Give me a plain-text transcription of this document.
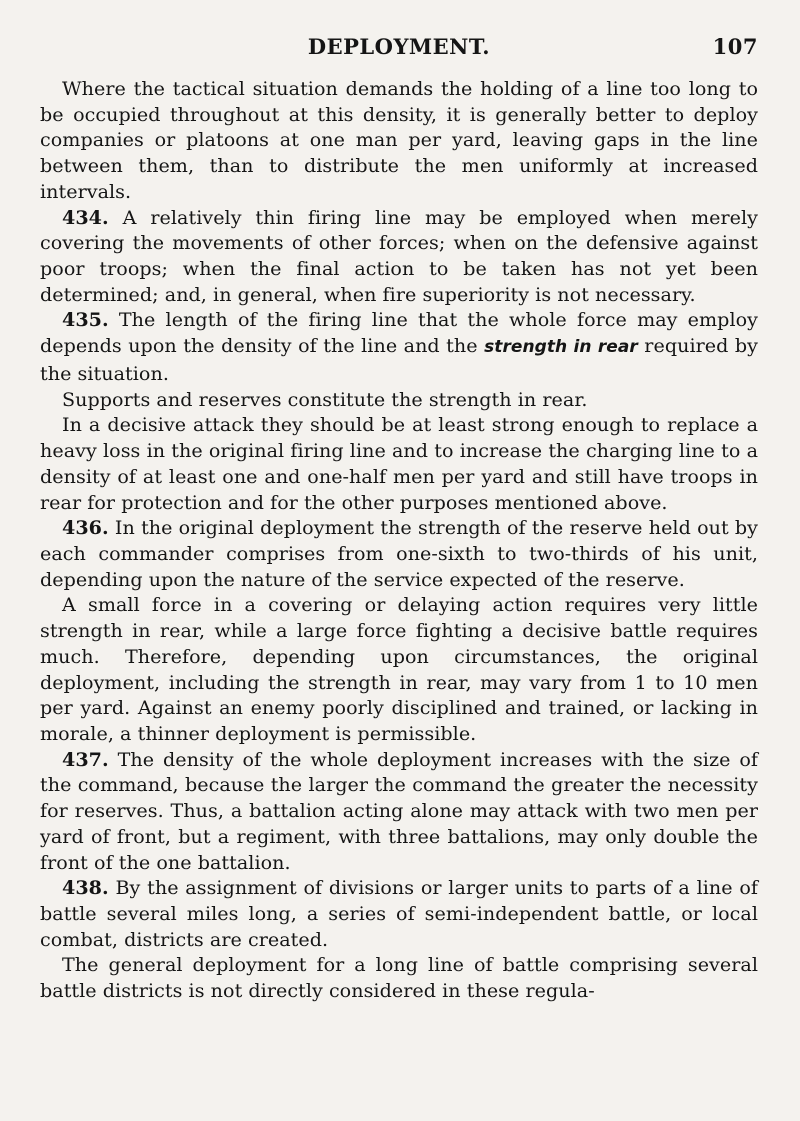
DEPLOYMENT.	107

Where the tactical situation demands the holding of a line too long to be occupied throughout at this density, it is generally better to deploy companies or platoons at one man per yard, leaving gaps in the line between them, than to distribute the men uniformly at increased intervals.

434. A relatively thin firing line may be employed when merely covering the movements of other forces; when on the defensive against poor troops; when the final action to be taken has not yet been determined; and, in general, when fire superiority is not necessary.

435. The length of the firing line that the whole force may employ depends upon the density of the line and the strength in rear required by the situation.

Supports and reserves constitute the strength in rear.

In a decisive attack they should be at least strong enough to replace a heavy loss in the original firing line and to increase the charging line to a density of at least one and one-half men per yard and still have troops in rear for protection and for the other purposes mentioned above.

436. In the original deployment the strength of the reserve held out by each commander comprises from one-sixth to two-thirds of his unit, depending upon the nature of the service expected of the reserve.

A small force in a covering or delaying action requires very little strength in rear, while a large force fighting a decisive battle requires much. Therefore, depending upon circumstances, the original deployment, including the strength in rear, may vary from 1 to 10 men per yard. Against an enemy poorly disciplined and trained, or lacking in morale, a thinner deployment is permissible.

437. The density of the whole deployment increases with the size of the command, because the larger the command the greater the necessity for reserves. Thus, a battalion acting alone may attack with two men per yard of front, but a regiment, with three battalions, may only double the front of the one battalion.

438. By the assignment of divisions or larger units to parts of a line of battle several miles long, a series of semi-independent battle, or local combat, districts are created.

The general deployment for a long line of battle comprising several battle districts is not directly considered in these regula-
